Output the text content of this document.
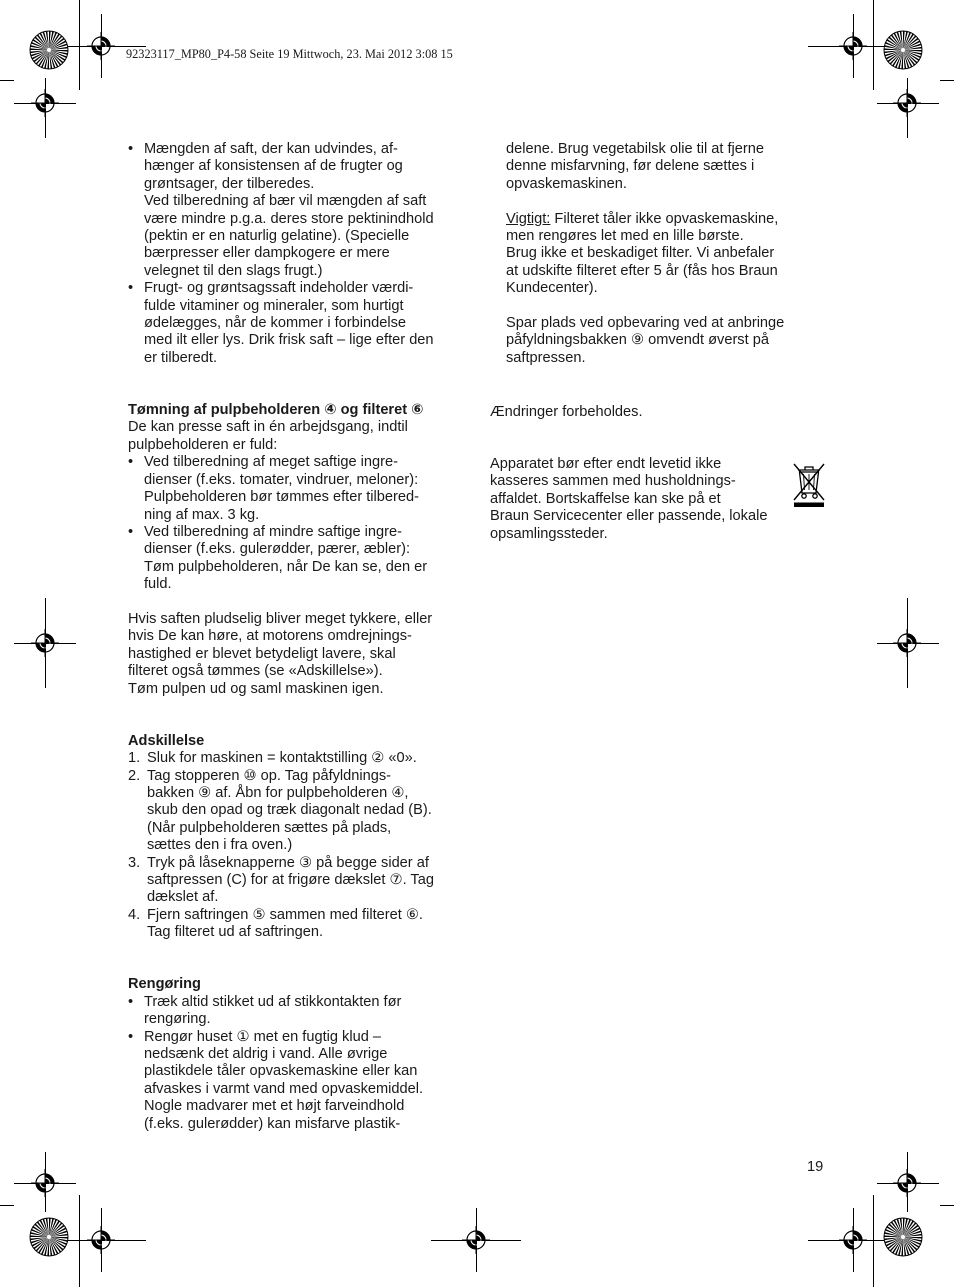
92323117_MP80_P4-58 Seite 19 Mittwoch, 23. Mai 2012 3:08 15
• Mængden af saft, der kan udvindes, af-
hænger af konsistensen af de frugter og
grøntsager, der tilberedes.
Ved tilberedning af bær vil mængden af saft
være mindre p.g.a. deres store pektinindhold
(pektin er en naturlig gelatine). (Specielle
bærpresser eller dampkogere er mere
velegnet til den slags frugt.)
• Frugt- og grøntsagssaft indeholder værdi-
fulde vitaminer og mineraler, som hurtigt
ødelægges, når de kommer i forbindelse
med ilt eller lys. Drik frisk saft – lige efter den
er tilberedt.
Tømning af pulpbeholderen ④ og filteret ⑥
De kan presse saft in én arbejdsgang, indtil
pulpbeholderen er fuld:
• Ved tilberedning af meget saftige ingre-
dienser (f.eks. tomater, vindruer, meloner):
Pulpbeholderen bør tømmes efter tilbered-
ning af max. 3 kg.
• Ved tilberedning af mindre saftige ingre-
dienser (f.eks. gulerødder, pærer, æbler):
Tøm pulpbeholderen, når De kan se, den er
fuld.
Hvis saften pludselig bliver meget tykkere, eller
hvis De kan høre, at motorens omdrejnings-
hastighed er blevet betydeligt lavere, skal
filteret også tømmes (se «Adskillelse»).
Tøm pulpen ud og saml maskinen igen.
Adskillelse
1. Sluk for maskinen = kontaktstilling ② «0».
2. Tag stopperen ⑩ op. Tag påfyldnings-
bakken ⑨ af. Åbn for pulpbeholderen ④,
skub den opad og træk diagonalt nedad (B).
(Når pulpbeholderen sættes på plads,
sættes den i fra oven.)
3. Tryk på låseknapperne ③ på begge sider af
saftpressen (C) for at frigøre dækslet ⑦. Tag
dækslet af.
4. Fjern saftringen ⑤ sammen med filteret ⑥.
Tag filteret ud af saftringen.
Rengøring
• Træk altid stikket ud af stikkontakten før
rengøring.
• Rengør huset ① met en fugtig klud –
nedsænk det aldrig i vand. Alle øvrige
plastikdele tåler opvaskemaskine eller kan
afvaskes i varmt vand med opvaskemiddel.
Nogle madvarer met et højt farveindhold
(f.eks. gulerødder) kan misfarve plastik-
delene. Brug vegetabilsk olie til at fjerne
denne misfarvning, før delene sættes i
opvaskemaskinen.
Vigtigt: Filteret tåler ikke opvaskemaskine,
men rengøres let med en lille børste.
Brug ikke et beskadiget filter. Vi anbefaler
at udskifte filteret efter 5 år (fås hos Braun
Kundecenter).
Spar plads ved opbevaring ved at anbringe
påfyldningsbakken ⑨ omvendt øverst på
saftpressen.
Ændringer forbeholdes.
Apparatet bør efter endt levetid ikke
kasseres sammen med husholdnings-
affaldet. Bortskaffelse kan ske på et
Braun Servicecenter eller passende, lokale
opsamlingssteder.
19
